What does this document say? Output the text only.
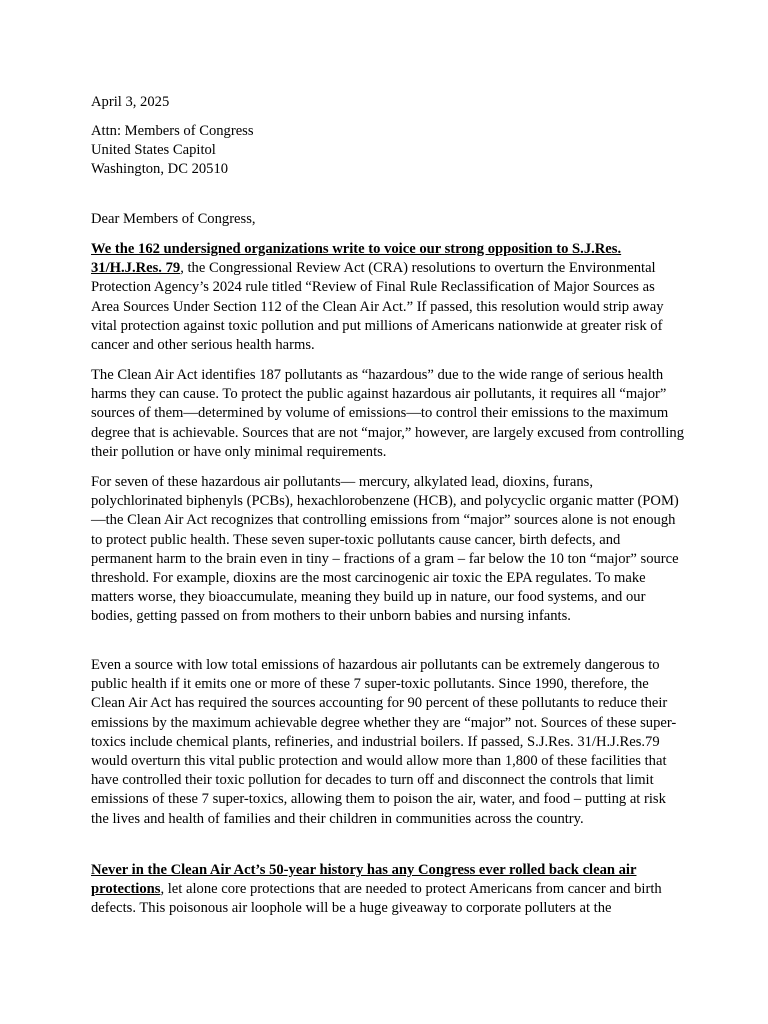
April 3, 2025

Attn: Members of Congress
United States Capitol
Washington, DC 20510

Dear Members of Congress,

We the 162 undersigned organizations write to voice our strong opposition to S.J.Res. 31/H.J.Res. 79, the Congressional Review Act (CRA) resolutions to overturn the Environmental Protection Agency’s 2024 rule titled “Review of Final Rule Reclassification of Major Sources as Area Sources Under Section 112 of the Clean Air Act.” If passed, this resolution would strip away vital protection against toxic pollution and put millions of Americans nationwide at greater risk of cancer and other serious health harms.

The Clean Air Act identifies 187 pollutants as “hazardous” due to the wide range of serious health harms they can cause. To protect the public against hazardous air pollutants, it requires all “major” sources of them—determined by volume of emissions—to control their emissions to the maximum degree that is achievable. Sources that are not “major,” however, are largely excused from controlling their pollution or have only minimal requirements.

For seven of these hazardous air pollutants— mercury, alkylated lead, dioxins, furans, polychlorinated biphenyls (PCBs), hexachlorobenzene (HCB), and polycyclic organic matter (POM)—the Clean Air Act recognizes that controlling emissions from “major” sources alone is not enough to protect public health. These seven super-toxic pollutants cause cancer, birth defects, and permanent harm to the brain even in tiny – fractions of a gram – far below the 10 ton “major” source threshold. For example, dioxins are the most carcinogenic air toxic the EPA regulates. To make matters worse, they bioaccumulate, meaning they build up in nature, our food systems, and our bodies, getting passed on from mothers to their unborn babies and nursing infants.

Even a source with low total emissions of hazardous air pollutants can be extremely dangerous to public health if it emits one or more of these 7 super-toxic pollutants. Since 1990, therefore, the Clean Air Act has required the sources accounting for 90 percent of these pollutants to reduce their emissions by the maximum achievable degree whether they are “major” not. Sources of these super-toxics include chemical plants, refineries, and industrial boilers. If passed, S.J.Res. 31/H.J.Res.79 would overturn this vital public protection and would allow more than 1,800 of these facilities that have controlled their toxic pollution for decades to turn off and disconnect the controls that limit emissions of these 7 super-toxics, allowing them to poison the air, water, and food – putting at risk the lives and health of families and their children in communities across the country.

Never in the Clean Air Act’s 50-year history has any Congress ever rolled back clean air protections, let alone core protections that are needed to protect Americans from cancer and birth defects. This poisonous air loophole will be a huge giveaway to corporate polluters at the
